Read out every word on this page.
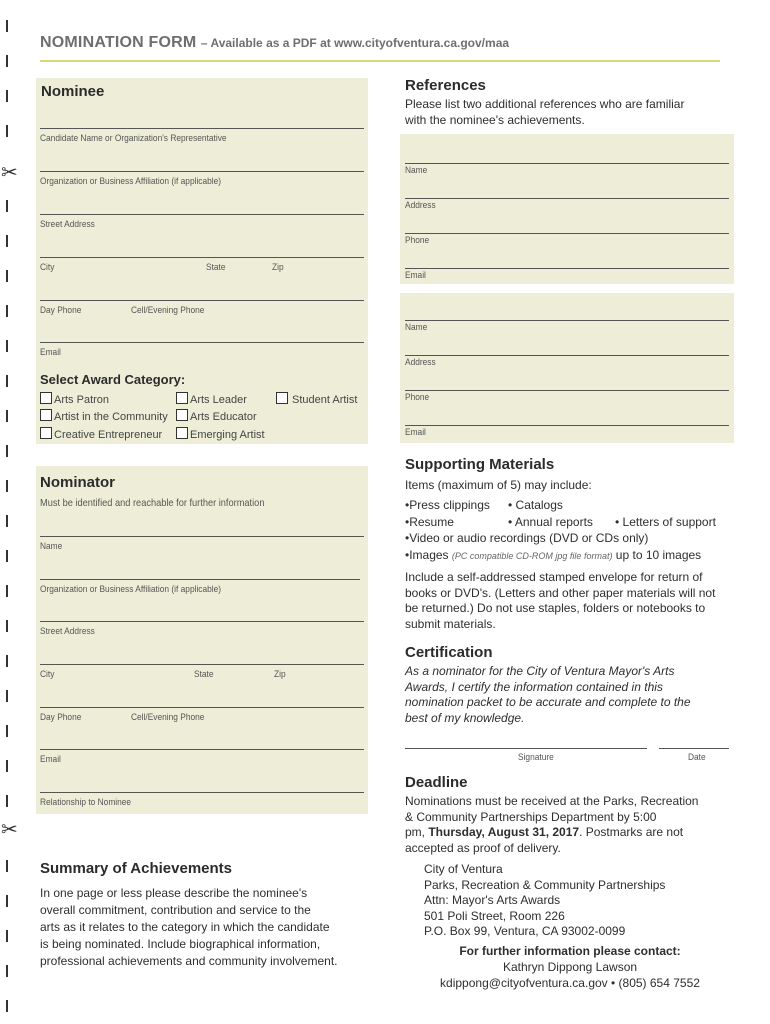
✂
✂
NOMINATION FORM – Available as a PDF at www.cityofventura.ca.gov/maa
Nominee
Candidate Name or Organization's Representative
Organization or Business Affiliation (if applicable)
Street Address
City	State	Zip
Day Phone	Cell/Evening Phone
Email
Select Award Category:
Arts Patron
Artist in the Community
Creative Entrepreneur
Arts Leader
Arts Educator
Emerging Artist
Student Artist
Nominator
Must be identified and reachable for further information
Name
Organization or Business Affiliation (if applicable)
Street Address
City	State	Zip
Day Phone	Cell/Evening Phone
Email
Relationship to Nominee
Summary of Achievements
In one page or less please describe the nominee's
overall commitment, contribution and service to the
arts as it relates to the category in which the candidate
is being nominated. Include biographical information,
professional achievements and community involvement.
References
Please list two additional references who are familiar
with the nominee's achievements.
Name
Address
Phone
Email
Name
Address
Phone
Email
Supporting Materials
Items (maximum of 5) may include:
•Press clippings • Catalogs
•Resume	• Annual reports • Letters of support
•Video or audio recordings (DVD or CDs only)
•Images (PC compatible CD-ROM jpg file format) up to 10 images
Include a self-addressed stamped envelope for return of
books or DVD's. (Letters and other paper materials will not
be returned.) Do not use staples, folders or notebooks to
submit materials.
Certification
As a nominator for the City of Ventura Mayor's Arts
Awards, I certify the information contained in this
nomination packet to be accurate and complete to the
best of my knowledge.
Signature	Date
Deadline
Nominations must be received at the Parks, Recreation
& Community Partnerships Department by 5:00
pm, Thursday, August 31, 2017. Postmarks are not
accepted as proof of delivery.
City of Ventura
Parks, Recreation & Community Partnerships
Attn: Mayor's Arts Awards
501 Poli Street, Room 226
P.O. Box 99, Ventura, CA 93002-0099
For further information please contact:
Kathryn Dippong Lawson
kdippong@cityofventura.ca.gov • (805) 654 7552
